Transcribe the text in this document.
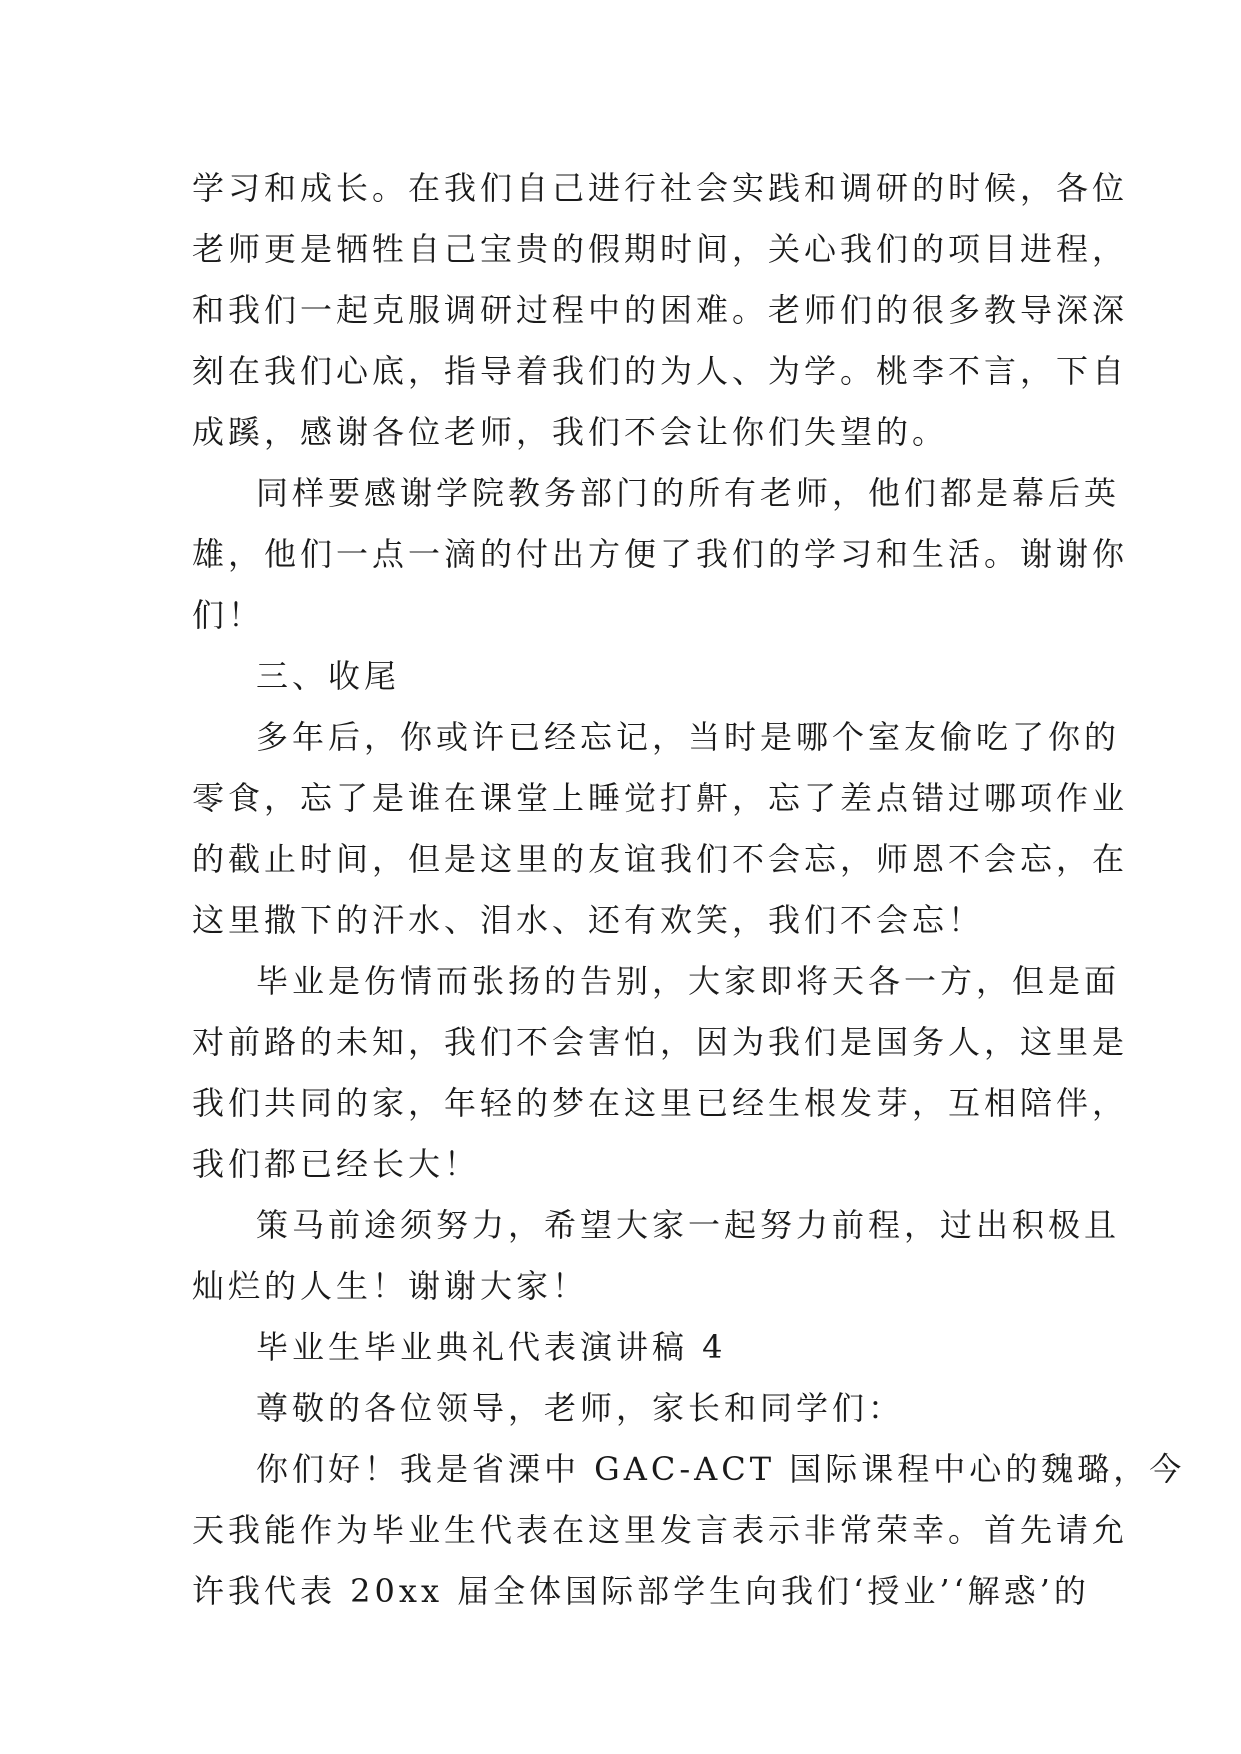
学习和成长。在我们自己进行社会实践和调研的时候，各位
老师更是牺牲自己宝贵的假期时间，关心我们的项目进程，
和我们一起克服调研过程中的困难。老师们的很多教导深深
刻在我们心底，指导着我们的为人、为学。桃李不言，下自
成蹊，感谢各位老师，我们不会让你们失望的。

同样要感谢学院教务部门的所有老师，他们都是幕后英
雄，他们一点一滴的付出方便了我们的学习和生活。谢谢你
们！

三、收尾

多年后，你或许已经忘记，当时是哪个室友偷吃了你的
零食，忘了是谁在课堂上睡觉打鼾，忘了差点错过哪项作业
的截止时间，但是这里的友谊我们不会忘，师恩不会忘，在
这里撒下的汗水、泪水、还有欢笑，我们不会忘！

毕业是伤情而张扬的告别，大家即将天各一方，但是面
对前路的未知，我们不会害怕，因为我们是国务人，这里是
我们共同的家，年轻的梦在这里已经生根发芽，互相陪伴，
我们都已经长大！

策马前途须努力，希望大家一起努力前程，过出积极且
灿烂的人生！谢谢大家！

毕业生毕业典礼代表演讲稿 4

尊敬的各位领导，老师，家长和同学们：

你们好！我是省溧中 GAC-ACT 国际课程中心的魏璐，今
天我能作为毕业生代表在这里发言表示非常荣幸。首先请允
许我代表 20xx 届全体国际部学生向我们‘授业’‘解惑’的
